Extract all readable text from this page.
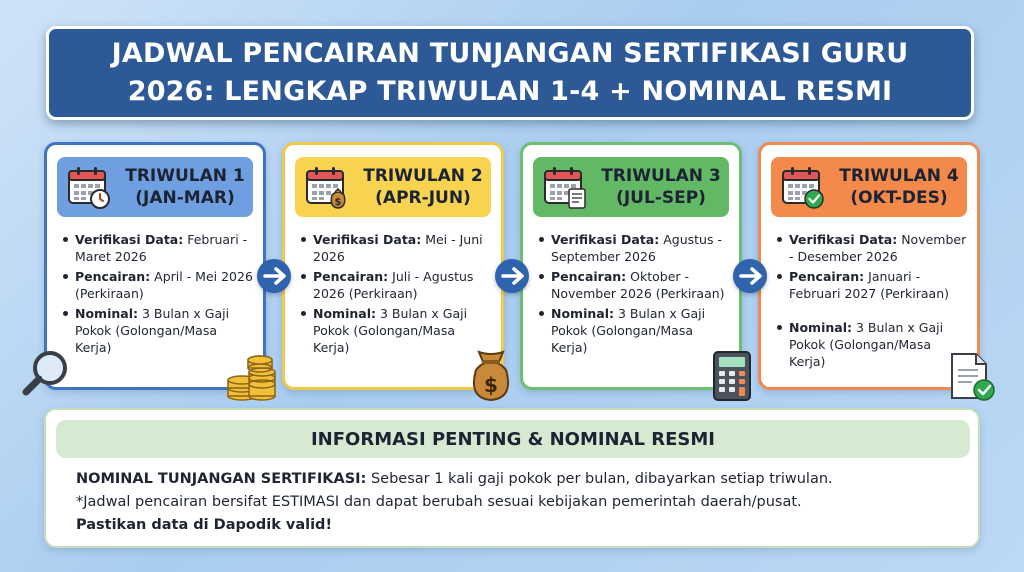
JADWAL PENCAIRAN TUNJANGAN SERTIFIKASI GURU
2026: LENGKAP TRIWULAN 1-4 + NOMINAL RESMI
TRIWULAN 1
(JAN-MAR)
Verifikasi Data: Februari - Maret 2026
Pencairan: April - Mei 2026 (Perkiraan)
Nominal: 3 Bulan x Gaji Pokok (Golongan/Masa Kerja)
$
TRIWULAN 2
(APR-JUN)
Verifikasi Data: Mei - Juni 2026
Pencairan: Juli - Agustus 2026 (Perkiraan)
Nominal: 3 Bulan x Gaji Pokok (Golongan/Masa Kerja)
TRIWULAN 3
(JUL-SEP)
Verifikasi Data: Agustus - September 2026
Pencairan: Oktober - November 2026 (Perkiraan)
Nominal: 3 Bulan x Gaji Pokok (Golongan/Masa Kerja)
TRIWULAN 4
(OKT-DES)
Verifikasi Data: November - Desember 2026
Pencairan: Januari - Februari 2027 (Perkiraan)
Nominal: 3 Bulan x Gaji Pokok (Golongan/Masa Kerja)
$
INFORMASI PENTING & NOMINAL RESMI
NOMINAL TUNJANGAN SERTIFIKASI: Sebesar 1 kali gaji pokok per bulan, dibayarkan setiap triwulan.
*Jadwal pencairan bersifat ESTIMASI dan dapat berubah sesuai kebijakan pemerintah daerah/pusat.
Pastikan data di Dapodik valid!
